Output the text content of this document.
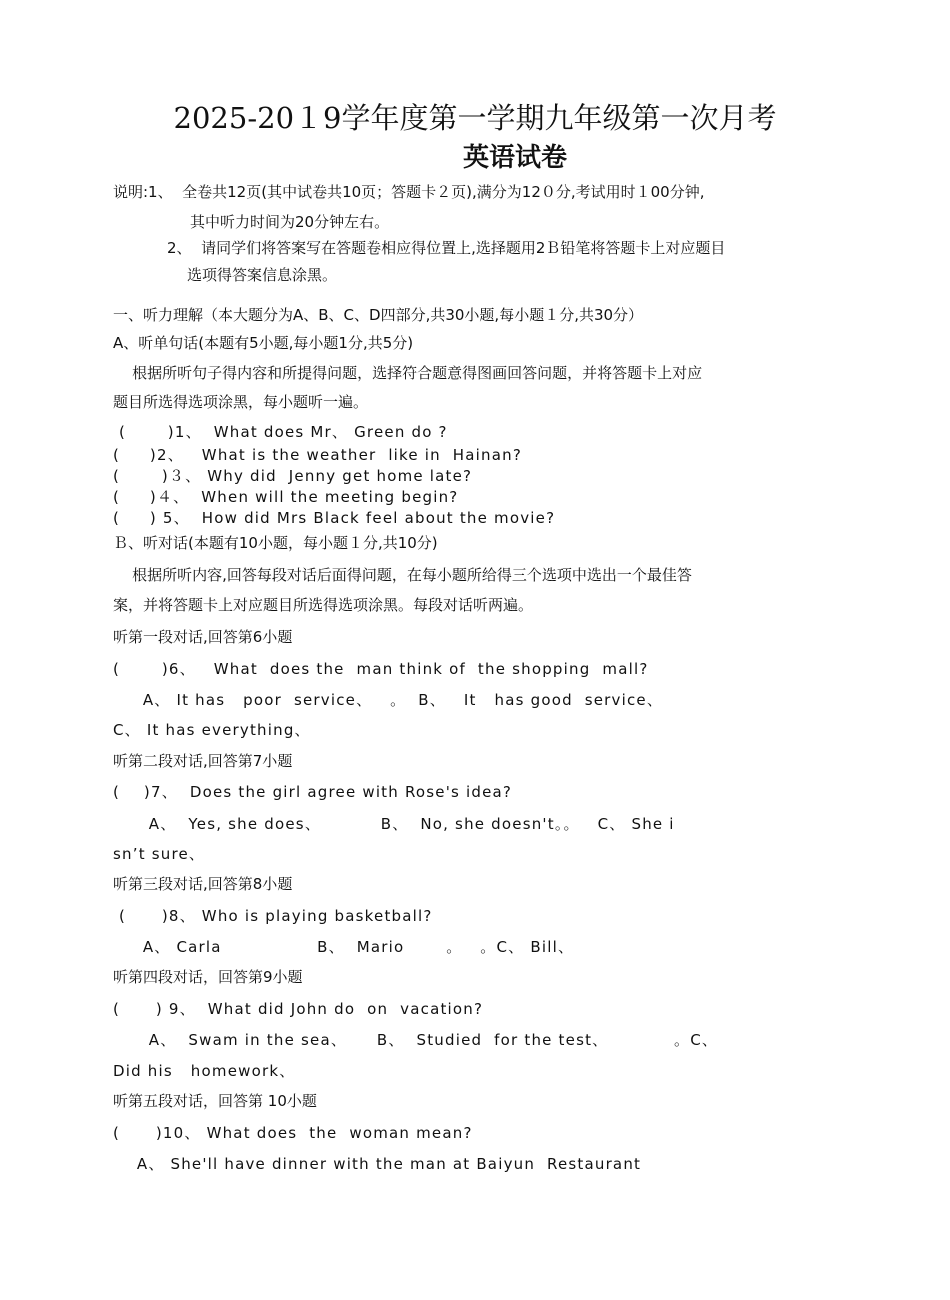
2025-20１9学年度第一学期九年级第一次月考
英语试卷
说明:1、  全卷共12页(其中试卷共10页；答题卡２页),满分为12０分,考试用时１00分钟,
其中听力时间为20分钟左右。
2、  请同学们将答案写在答题卷相应得位置上,选择题用2Ｂ铅笔将答题卡上对应题目
选项得答案信息涂黑。
一、听力理解（本大题分为A、B、C、D四部分,共30小题,每小题１分,共30分）
A、听单句话(本题有5小题,每小题1分,共5分)
根据所听句子得内容和所提得问题，选择符合题意得图画回答问题，并将答题卡上对应
题目所选得选项涂黑，每小题听一遍。
(       )1、  What does Mr、 Green do ?
(     )2、   What is the weather  like in  Hainan?
(       )３、 Why did  Jenny get home late?
(     )４、  When will the meeting begin?
(     ) 5、  How did Mrs Black feel about the movie?
Ｂ、听对话(本题有10小题，每小题１分,共10分)
根据所听内容,回答每段对话后面得问题，在每小题所给得三个选项中选出一个最佳答
案，并将答题卡上对应题目所选得选项涂黑。每段对话听两遍。
听第一段对话,回答第6小题
(       )6、   What  does the  man think of  the shopping  mall?
A、 It has   poor  service、   。  B、   It   has good  service、
C、 It has everything、
听第二段对话,回答第7小题
(    )7、  Does the girl agree with Rose's idea?
A、  Yes, she does、          B、  No, she doesn't。。   C、 She i
sn’t sure、
听第三段对话,回答第8小题
(      )8、 Who is playing basketball?
A、 Carla                B、  Mario       。   。C、 Bill、
听第四段对话，回答第9小题
(      ) 9、  What did John do  on  vacation?
A、  Swam in the sea、     B、  Studied  for the test、           。C、
Did his   homework、
听第五段对话，回答第 10小题
(      )10、 What does  the  woman mean?
A、 She'll have dinner with the man at Baiyun  Restaurant
